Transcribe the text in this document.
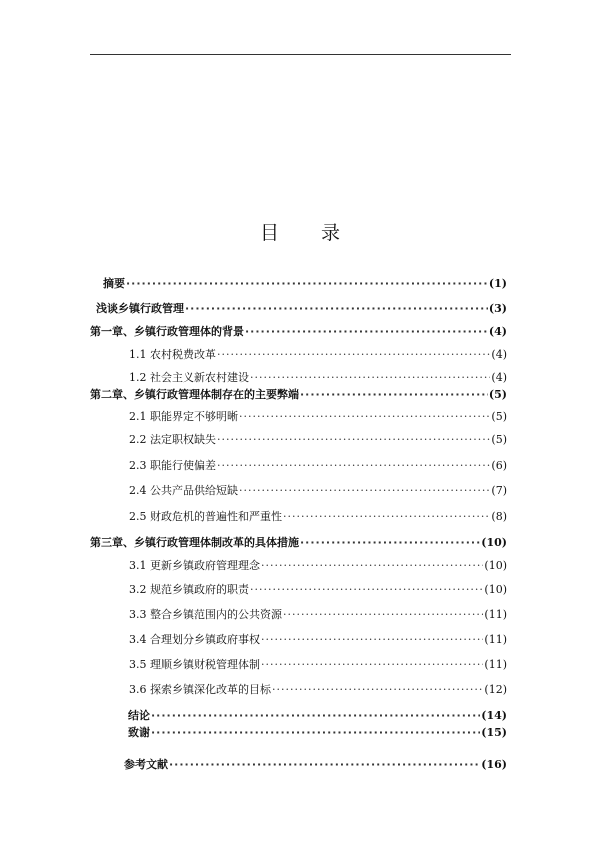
目 录
摘要 ·····	(1)
浅谈乡镇行政管理 ·····	(3)
第一章、乡镇行政管理体的背景 ·····	(4)
1.1 农村税费改革 ·····	(4)
1.2 社会主义新农村建设 ·····	(4)
第二章、乡镇行政管理体制存在的主要弊端 ·····	(5)
2.1 职能界定不够明晰 ·····	(5)
2.2 法定职权缺失 ·····	(5)
2.3 职能行使偏差 ·····	(6)
2.4 公共产品供给短缺 ·····	(7)
2.5 财政危机的普遍性和严重性 ·····	(8)
第三章、乡镇行政管理体制改革的具体措施 ·····	(10)
3.1 更新乡镇政府管理理念 ·····	(10)
3.2 规范乡镇政府的职责 ·····	(10)
3.3 整合乡镇范围内的公共资源 ·····	(11)
3.4 合理划分乡镇政府事权 ·····	(11)
3.5 理顺乡镇财税管理体制 ·····	(11)
3.6 探索乡镇深化改革的目标 ·····	(12)
结论 ·····	(14)
致谢 ·····	(15)
参考文献 ·····	(16)
